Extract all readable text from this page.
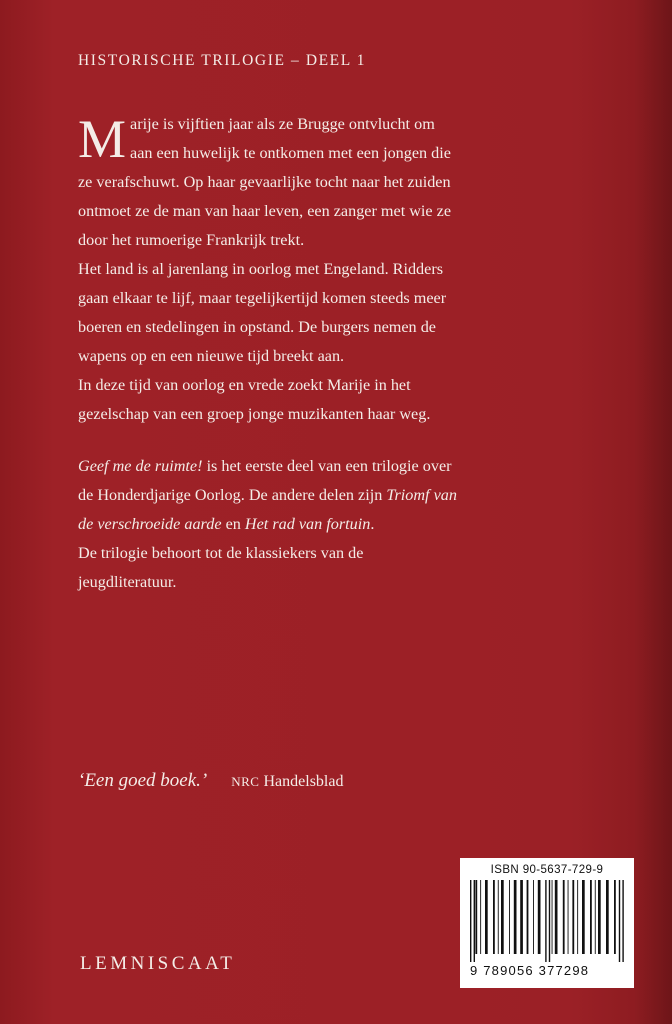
HISTORISCHE TRILOGIE – DEEL 1

Marije is vijftien jaar als ze Brugge ontvlucht om aan een huwelijk te ontkomen met een jongen die ze verafschuwt. Op haar gevaarlijke tocht naar het zuiden ontmoet ze de man van haar leven, een zanger met wie ze door het rumoerige Frankrijk trekt.

Het land is al jarenlang in oorlog met Engeland. Ridders gaan elkaar te lijf, maar tegelijkertijd komen steeds meer boeren en stedelingen in opstand. De burgers nemen de wapens op en een nieuwe tijd breekt aan.

In deze tijd van oorlog en vrede zoekt Marije in het gezelschap van een groep jonge muzikanten haar weg.

Geef me de ruimte! is het eerste deel van een trilogie over de Honderdjarige Oorlog. De andere delen zijn Triomf van de verschroeide aarde en Het rad van fortuin.

De trilogie behoort tot de klassiekers van de jeugdliteratuur.

‘Een goed boek.’ NRC Handelsblad
LEMNISCAAT
ISBN 90-5637-729-9
9 789056 377298
